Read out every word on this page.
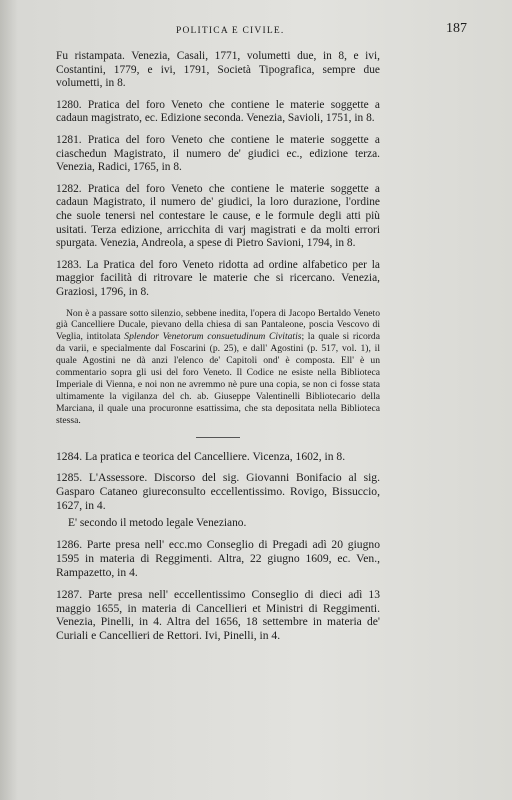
POLITICA E CIVILE.	187

Fu ristampata. Venezia, Casali, 1771, volumetti due, in 8, e ivi, Costantini, 1779, e ivi, 1791, Società Tipografica, sempre due volumetti, in 8.

1280. Pratica del foro Veneto che contiene le materie soggette a cadaun magistrato, ec. Edizione seconda. Venezia, Savioli, 1751, in 8.

1281. Pratica del foro Veneto che contiene le materie soggette a ciaschedun Magistrato, il numero de' giudici ec., edizione terza. Venezia, Radici, 1765, in 8.

1282. Pratica del foro Veneto che contiene le materie soggette a cadaun Magistrato, il numero de' giudici, la loro durazione, l'ordine che suole tenersi nel contestare le cause, e le formule degli atti più usitati. Terza edizione, arricchita di varj magistrati e da molti errori spurgata. Venezia, Andreola, a spese di Pietro Savioni, 1794, in 8.

1283. La Pratica del foro Veneto ridotta ad ordine alfabetico per la maggior facilità di ritrovare le materie che si ricercano. Venezia, Graziosi, 1796, in 8.

Non è a passare sotto silenzio, sebbene inedita, l'opera di Jacopo Bertaldo Veneto già Cancelliere Ducale, pievano della chiesa di san Pantaleone, poscia Vescovo di Veglia, intitolata Splendor Venetorum consuetudinum Civitatis; la quale si ricorda da varii, e specialmente dal Foscarini (p. 25), e dall' Agostini (p. 517, vol. 1), il quale Agostini ne dà anzi l'elenco de' Capitoli ond' è composta. Ell' è un commentario sopra gli usi del foro Veneto. Il Codice ne esiste nella Biblioteca Imperiale di Vienna, e noi non ne avremmo nè pure una copia, se non ci fosse stata ultimamente la vigilanza del ch. ab. Giuseppe Valentinelli Bibliotecario della Marciana, il quale una procuronne esattissima, che sta depositata nella Biblioteca stessa.

1284. La pratica e teorica del Cancelliere. Vicenza, 1602, in 8.

1285. L'Assessore. Discorso del sig. Giovanni Bonifacio al sig. Gasparo Cataneo giureconsulto eccellentissimo. Rovigo, Bissuccio, 1627, in 4.

E' secondo il metodo legale Veneziano.

1286. Parte presa nell' ecc.mo Conseglio di Pregadi adì 20 giugno 1595 in materia di Reggimenti. Altra, 22 giugno 1609, ec. Ven., Rampazetto, in 4.

1287. Parte presa nell' eccellentissimo Conseglio di dieci adì 13 maggio 1655, in materia di Cancellieri et Ministri di Reggimenti. Venezia, Pinelli, in 4. Altra del 1656, 18 settembre in materia de' Curiali e Cancellieri de Rettori. Ivi, Pinelli, in 4.
